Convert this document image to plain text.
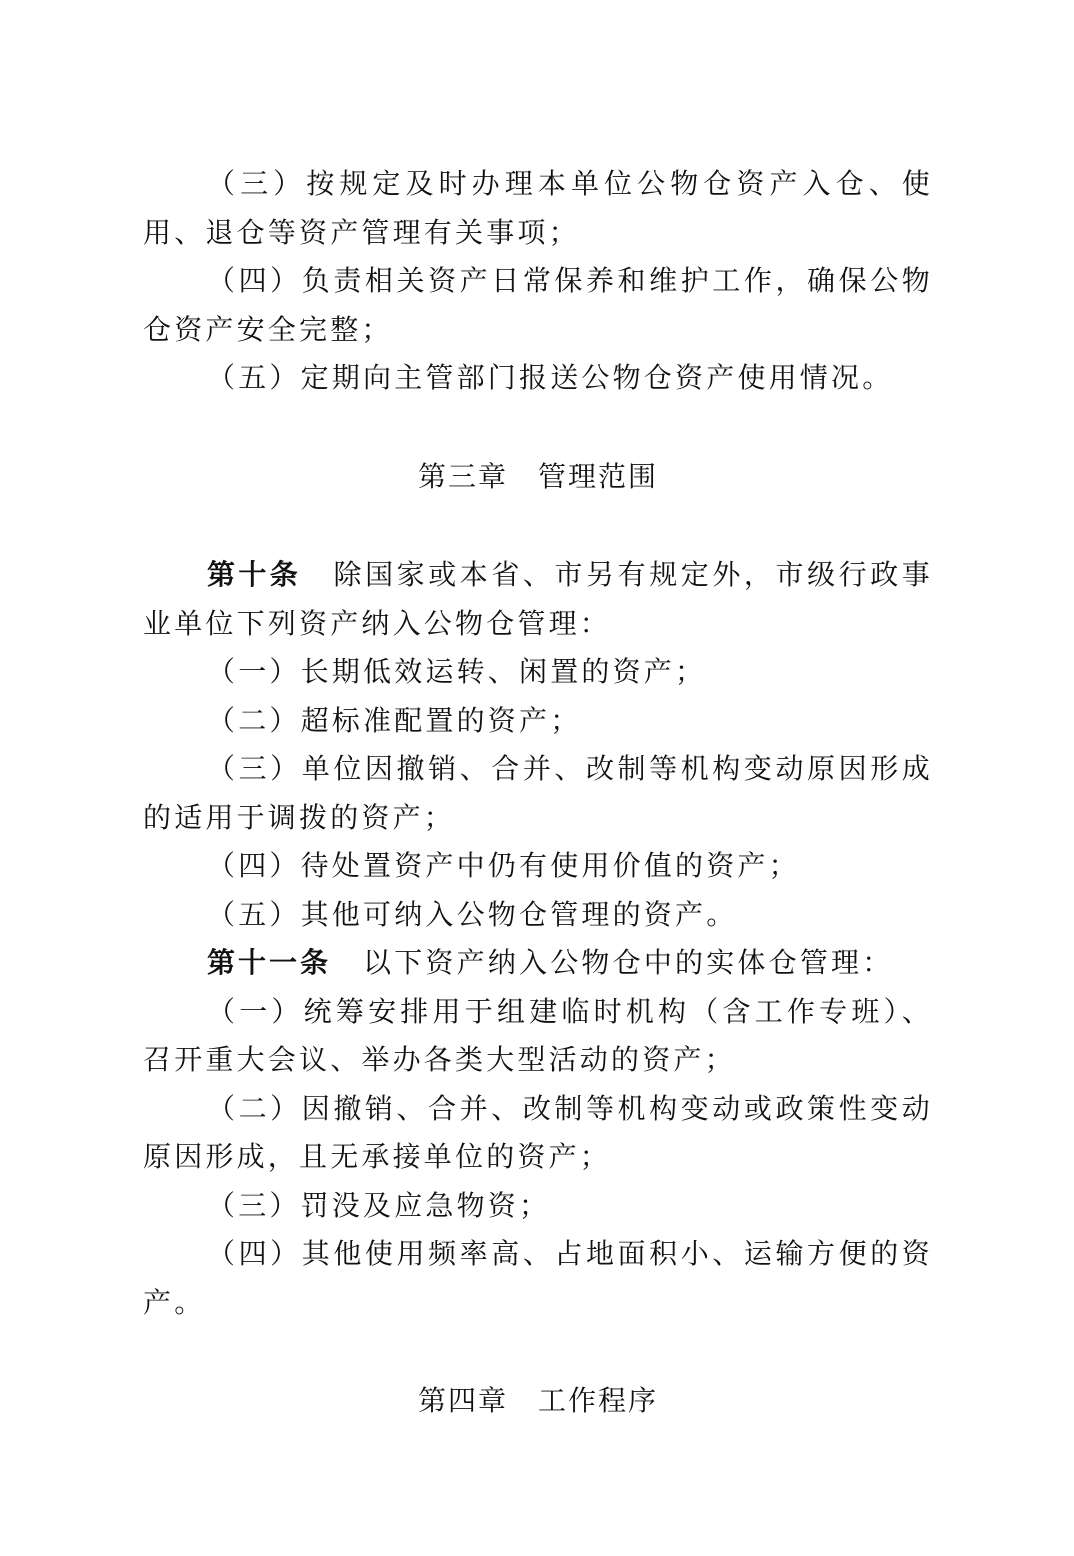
（三）按规定及时办理本单位公物仓资产入仓、使用、退仓等资产管理有关事项；

（四）负责相关资产日常保养和维护工作，确保公物仓资产安全完整；

（五）定期向主管部门报送公物仓资产使用情况。

第三章 管理范围

第十条 除国家或本省、市另有规定外，市级行政事业单位下列资产纳入公物仓管理：

（一）长期低效运转、闲置的资产；

（二）超标准配置的资产；

（三）单位因撤销、合并、改制等机构变动原因形成的适用于调拨的资产；

（四）待处置资产中仍有使用价值的资产；

（五）其他可纳入公物仓管理的资产。

第十一条 以下资产纳入公物仓中的实体仓管理：

（一）统筹安排用于组建临时机构（含工作专班）、召开重大会议、举办各类大型活动的资产；

（二）因撤销、合并、改制等机构变动或政策性变动原因形成，且无承接单位的资产；

（三）罚没及应急物资；

（四）其他使用频率高、占地面积小、运输方便的资产。

第四章 工作程序
